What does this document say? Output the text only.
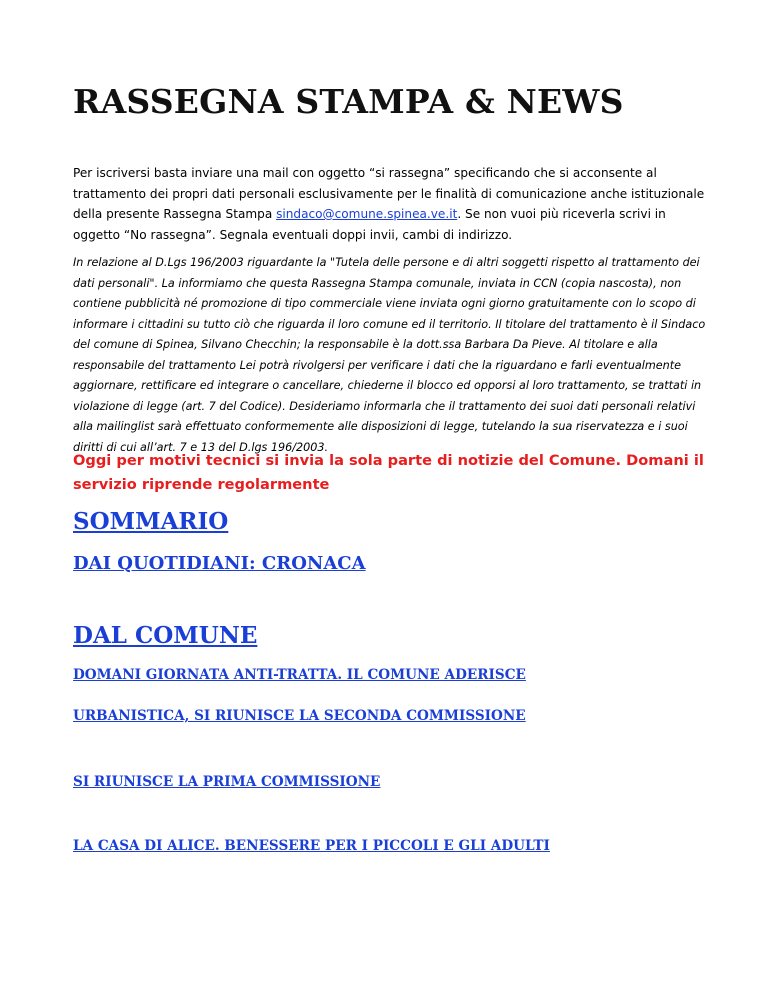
RASSEGNA STAMPA & NEWS

Per iscriversi basta inviare una mail con oggetto “si rassegna” specificando che si acconsente al trattamento dei propri dati personali esclusivamente per le finalità di comunicazione anche istituzionale della presente Rassegna Stampa sindaco@comune.spinea.ve.it. Se non vuoi più riceverla scrivi in oggetto “No rassegna”. Segnala eventuali doppi invii, cambi di indirizzo.

In relazione al D.Lgs 196/2003 riguardante la "Tutela delle persone e di altri soggetti rispetto al trattamento dei dati personali". La informiamo che questa Rassegna Stampa comunale, inviata in CCN (copia nascosta), non contiene pubblicità né promozione di tipo commerciale viene inviata ogni giorno gratuitamente con lo scopo di informare i cittadini su tutto ciò che riguarda il loro comune ed il territorio. Il titolare del trattamento è il Sindaco del comune di Spinea, Silvano Checchin; la responsabile è la dott.ssa Barbara Da Pieve. Al titolare e alla responsabile del trattamento Lei potrà rivolgersi per verificare i dati che la riguardano e farli eventualmente aggiornare, rettificare ed integrare o cancellare, chiederne il blocco ed opporsi al loro trattamento, se trattati in violazione di legge (art. 7 del Codice). Desideriamo informarla che il trattamento dei suoi dati personali relativi alla mailinglist sarà effettuato conformemente alle disposizioni di legge, tutelando la sua riservatezza e i suoi diritti di cui all’art. 7 e 13 del D.lgs 196/2003.

Oggi per motivi tecnici si invia la sola parte di notizie del Comune. Domani il servizio riprende regolarmente

SOMMARIO
DAI QUOTIDIANI: CRONACA
DAL COMUNE
DOMANI GIORNATA ANTI-TRATTA. IL COMUNE ADERISCE
URBANISTICA, SI RIUNISCE LA SECONDA COMMISSIONE
SI RIUNISCE LA PRIMA COMMISSIONE
LA CASA DI ALICE. BENESSERE PER I PICCOLI E GLI ADULTI
